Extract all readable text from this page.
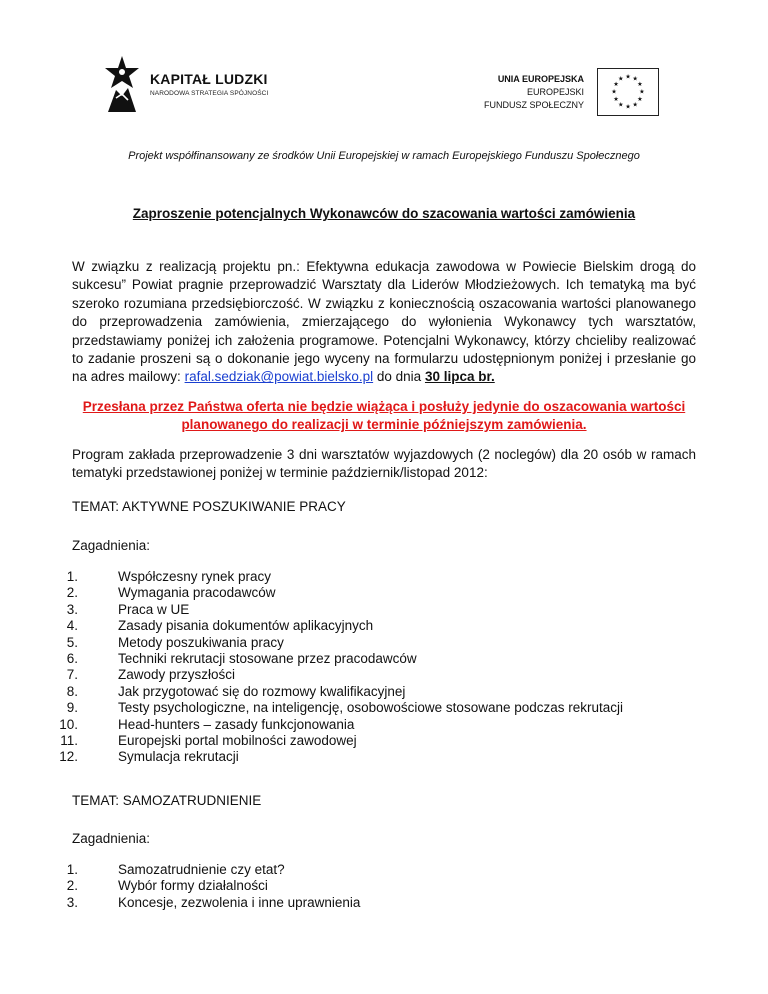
KAPITAŁ LUDZKI
NARODOWA STRATEGIA SPÓJNOŚCI
UNIA EUROPEJSKA
EUROPEJSKI
FUNDUSZ SPOŁECZNY
★ ★
★
★
★
★
★
★
★
★
★
★
Projekt współfinansowany ze środków Unii Europejskiej w ramach Europejskiego Funduszu Społecznego
Zaproszenie potencjalnych Wykonawców do szacowania wartości zamówienia
W związku z realizacją projektu pn.: Efektywna edukacja zawodowa w Powiecie Bielskim drogą do sukcesu” Powiat pragnie przeprowadzić Warsztaty dla Liderów Młodzieżowych. Ich tematyką ma być szeroko rozumiana przedsiębiorczość. W związku z koniecznością oszacowania wartości planowanego do przeprowadzenia zamówienia, zmierzającego do wyłonienia Wykonawcy tych warsztatów, przedstawiamy poniżej ich założenia programowe. Potencjalni Wykonawcy, którzy chcieliby realizować to zadanie proszeni są o dokonanie jego wyceny na formularzu udostępnionym poniżej i przesłanie go na adres mailowy: rafal.sedziak@powiat.bielsko.pl do dnia 30 lipca br.
Przesłana przez Państwa oferta nie będzie wiążąca i posłuży jedynie do oszacowania wartości planowanego do realizacji w terminie późniejszym zamówienia.
Program zakłada przeprowadzenie 3 dni warsztatów wyjazdowych (2 noclegów) dla 20 osób w ramach tematyki przedstawionej poniżej w terminie październik/listopad 2012:
TEMAT: AKTYWNE POSZUKIWANIE PRACY
Zagadnienia:
1.	Współczesny rynek pracy
2.	Wymagania pracodawców
3.	Praca w UE
4.	Zasady pisania dokumentów aplikacyjnych
5.	Metody poszukiwania pracy
6.	Techniki rekrutacji stosowane przez pracodawców
7.	Zawody przyszłości
8.	Jak przygotować się do rozmowy kwalifikacyjnej
9.	Testy psychologiczne, na inteligencję, osobowościowe stosowane podczas rekrutacji
10.	Head-hunters – zasady funkcjonowania
11.	Europejski portal mobilności zawodowej
12.	Symulacja rekrutacji
TEMAT: SAMOZATRUDNIENIE
Zagadnienia:
1.	Samozatrudnienie czy etat?
2.	Wybór formy działalności
3.	Koncesje, zezwolenia i inne uprawnienia
